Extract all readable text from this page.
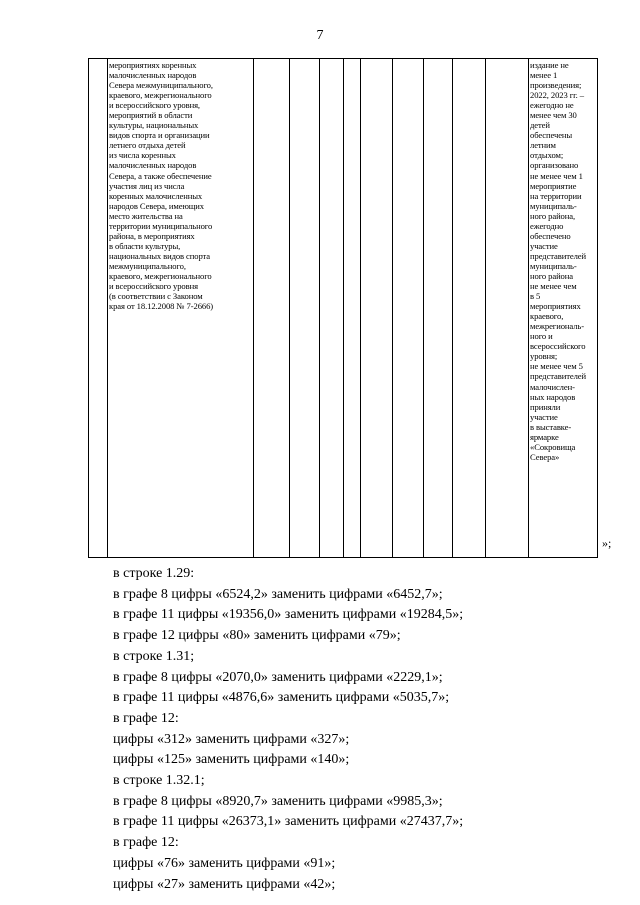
7
мероприятиях коренных
малочисленных народов
Севера межмуниципального,
краевого, межрегионального
и всероссийского уровня,
мероприятий в области
культуры, национальных
видов спорта и организации
летнего отдыха детей
из числа коренных
малочисленных народов
Севера, а также обеспечение
участия лиц из числа
коренных малочисленных
народов Севера, имеющих
место жительства на
территории муниципального
района, в мероприятиях
в области культуры,
национальных видов спорта
межмуниципального,
краевого, межрегионального
и всероссийского уровня
(в соответствии с Законом
края от 18.12.2008 № 7-2666)
издание не
менее 1
произведения;
2022, 2023 гг. –
ежегодно не
менее чем 30
детей
обеспечены
летним
отдыхом;
организовано
не менее чем 1
мероприятие
на территории
муниципаль-
ного района,
ежегодно
обеспечено
участие
представителей
муниципаль-
ного района
не менее чем
в 5
мероприятиях
краевого,
межрегиональ-
ного и
всероссийского
уровня;
не менее чем 5
представителей
малочислен-
ных народов
приняли
участие
в выставке-
ярмарке
«Сокровища
Севера»
»;
в строке 1.29:
в графе 8 цифры «6524,2» заменить цифрами «6452,7»;
в графе 11 цифры «19356,0» заменить цифрами «19284,5»;
в графе 12 цифры «80» заменить цифрами «79»;
в строке 1.31;
в графе 8 цифры «2070,0» заменить цифрами «2229,1»;
в графе 11 цифры «4876,6» заменить цифрами «5035,7»;
в графе 12:
цифры «312» заменить цифрами «327»;
цифры «125» заменить цифрами «140»;
в строке 1.32.1;
в графе 8 цифры «8920,7» заменить цифрами «9985,3»;
в графе 11 цифры «26373,1» заменить цифрами «27437,7»;
в графе 12:
цифры «76» заменить цифрами «91»;
цифры «27» заменить цифрами «42»;
